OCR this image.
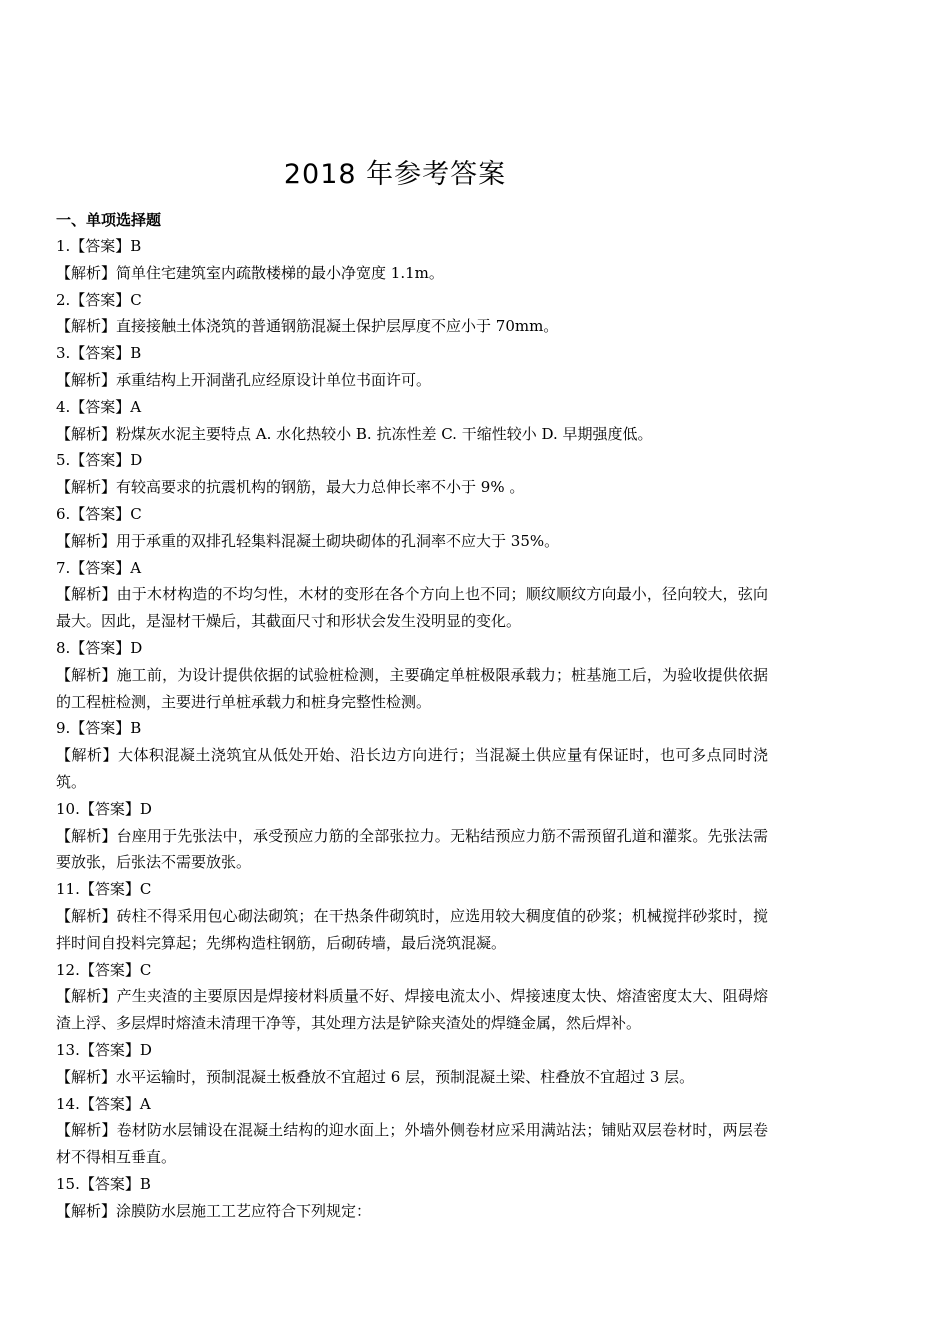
2018 年参考答案
一、单项选择题
1.【答案】B
【解析】简单住宅建筑室内疏散楼梯的最小净宽度 1.1m。
2.【答案】C
【解析】直接接触土体浇筑的普通钢筋混凝土保护层厚度不应小于 70mm。
3.【答案】B
【解析】承重结构上开洞凿孔应经原设计单位书面许可。
4.【答案】A
【解析】粉煤灰水泥主要特点 A. 水化热较小 B. 抗冻性差 C. 干缩性较小 D. 早期强度低。
5.【答案】D
【解析】有较高要求的抗震机构的钢筋，最大力总伸长率不小于 9% 。
6.【答案】C
【解析】用于承重的双排孔轻集料混凝土砌块砌体的孔洞率不应大于 35%。
7.【答案】A
【解析】由于木材构造的不均匀性，木材的变形在各个方向上也不同；顺纹顺纹方向最小，径向较大，弦向最大。因此，是湿材干燥后，其截面尺寸和形状会发生没明显的变化。
8.【答案】D
【解析】施工前，为设计提供依据的试验桩检测，主要确定单桩极限承载力；桩基施工后，为验收提供依据的工程桩检测，主要进行单桩承载力和桩身完整性检测。
9.【答案】B
【解析】大体积混凝土浇筑宜从低处开始、沿长边方向进行；当混凝土供应量有保证时，也可多点同时浇筑。
10.【答案】D
【解析】台座用于先张法中，承受预应力筋的全部张拉力。无粘结预应力筋不需预留孔道和灌浆。先张法需要放张，后张法不需要放张。
11.【答案】C
【解析】砖柱不得采用包心砌法砌筑；在干热条件砌筑时，应选用较大稠度值的砂浆；机械搅拌砂浆时，搅拌时间自投料完算起；先绑构造柱钢筋，后砌砖墙，最后浇筑混凝。
12.【答案】C
【解析】产生夹渣的主要原因是焊接材料质量不好、焊接电流太小、焊接速度太快、熔渣密度太大、阻碍熔渣上浮、多层焊时熔渣未清理干净等，其处理方法是铲除夹渣处的焊缝金属，然后焊补。
13.【答案】D
【解析】水平运输时，预制混凝土板叠放不宜超过 6 层，预制混凝土梁、柱叠放不宜超过 3 层。
14.【答案】A
【解析】卷材防水层铺设在混凝土结构的迎水面上；外墙外侧卷材应采用满站法；铺贴双层卷材时，两层卷材不得相互垂直。
15.【答案】B
【解析】涂膜防水层施工工艺应符合下列规定：
